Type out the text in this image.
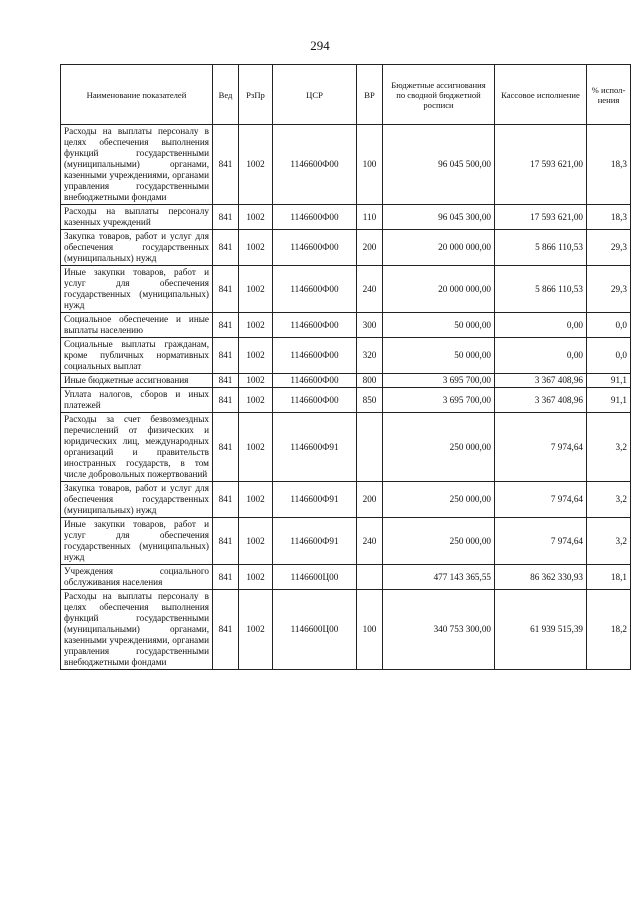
294
Наименование показателей	Вед	РзПр	ЦСР	ВР	Бюджетные ассигнования по сводной бюджетной росписи	Кассовое исполнение	% испол-нения
Расходы на выплаты персоналу в целях обеспечения выполнения функций государственными (муниципальными) органами, казенными учреждениями, органами управления государственными внебюджетными фондами	841	1002	1146600Ф00	100	96 045 500,00	17 593 621,00	18,3
Расходы на выплаты персоналу казенных учреждений	841	1002	1146600Ф00	110	96 045 300,00	17 593 621,00	18,3
Закупка товаров, работ и услуг для обеспечения государственных (муниципальных) нужд	841	1002	1146600Ф00	200	20 000 000,00	5 866 110,53	29,3
Иные закупки товаров, работ и услуг для обеспечения государственных (муниципальных) нужд	841	1002	1146600Ф00	240	20 000 000,00	5 866 110,53	29,3
Социальное обеспечение и иные выплаты населению	841	1002	1146600Ф00	300	50 000,00	0,00	0,0
Социальные выплаты гражданам, кроме публичных нормативных социальных выплат	841	1002	1146600Ф00	320	50 000,00	0,00	0,0
Иные бюджетные ассигнования	841	1002	1146600Ф00	800	3 695 700,00	3 367 408,96	91,1
Уплата налогов, сборов и иных платежей	841	1002	1146600Ф00	850	3 695 700,00	3 367 408,96	91,1
Расходы за счет безвозмездных перечислений от физических и юридических лиц, международных организаций и правительств иностранных государств, в том числе добровольных пожертвований	841	1002	1146600Ф91		250 000,00	7 974,64	3,2
Закупка товаров, работ и услуг для обеспечения государственных (муниципальных) нужд	841	1002	1146600Ф91	200	250 000,00	7 974,64	3,2
Иные закупки товаров, работ и услуг для обеспечения государственных (муниципальных) нужд	841	1002	1146600Ф91	240	250 000,00	7 974,64	3,2
Учреждения социального обслуживания населения	841	1002	1146600Ц00		477 143 365,55	86 362 330,93	18,1
Расходы на выплаты персоналу в целях обеспечения выполнения функций государственными (муниципальными) органами, казенными учреждениями, органами управления государственными внебюджетными фондами	841	1002	1146600Ц00	100	340 753 300,00	61 939 515,39	18,2
